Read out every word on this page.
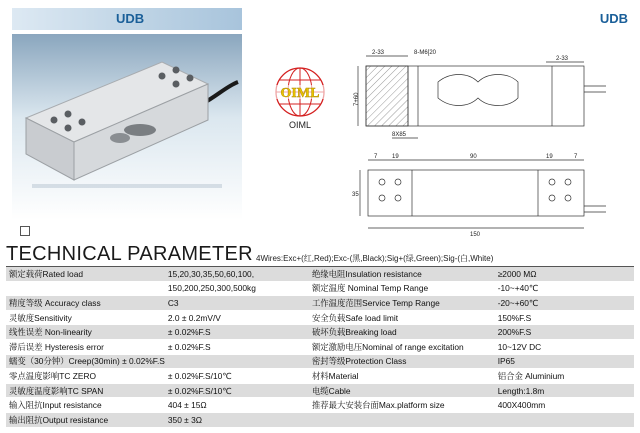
UDB	UDB
OIML
OIML
2-33	8-M6[20
2-33
7+60
8X85
7 19	90	19	7
35
150
TECHNICAL PARAMETER 4Wires:Exc+(红,Red);Exc-(黑,Black);Sig+(绿,Green);Sig-(白,White)
额定载荷Rated load	15,20,30,35,50,60,100,	绝缘电阻Insulation resistance	≥2000 MΩ
	150,200,250,300,500kg	额定温度 Nominal Temp Range	-10~+40℃
精度等级 Accuracy class	C3	工作温度范围Service Temp Range	-20~+60℃
灵敏度Sensitivity	2.0 ± 0.2mV/V	安全负载Safe load limit	150%F.S
线性误差 Non-linearity	± 0.02%F.S	破坏负载Breaking load	200%F.S
滞后误差 Hysteresis error	± 0.02%F.S	额定激励电压Nominal of range excitation	10~12V DC
蠕变（30分钟）Creep(30min) ± 0.02%F.S		密封等级Protection Class	IP65
零点温度影响TC ZERO	± 0.02%F.S/10℃	材料Material	铝合金 Aluminium
灵敏度温度影响TC SPAN	± 0.02%F.S/10℃	电缆Cable	Length:1.8m
输入阻抗Input resistance	404 ± 15Ω	推荐最大安装台面Max.platform size	400X400mm
输出阻抗Output resistance	350 ± 3Ω		
